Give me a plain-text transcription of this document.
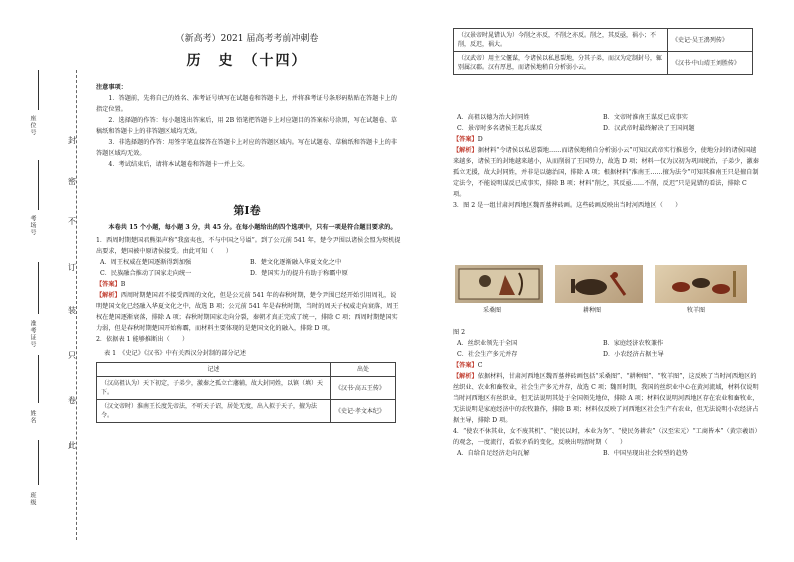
封
密
不
订
装
只
卷
此
班级
姓名
准考证号
考场号
座位号
（新高考）2021 届高考考前冲刺卷
历　史　（十四）

注意事项：

1．答题前，先将自己的姓名、准考证号填写在试题卷和答题卡上，并将准考证号条形码粘贴在答题卡上的指定位置。

2．选择题的作答：每小题选出答案后，用 2B 铅笔把答题卡上对应题目的答案标号涂黑，写在试题卷、草稿纸和答题卡上的非答题区域均无效。

3．非选择题的作答：用签字笔直接答在答题卡上对应的答题区域内。写在试题卷、草稿纸和答题卡上的非答题区域均无效。

4．考试结束后，请将本试题卷和答题卡一并上交。

第Ⅰ卷

本卷共 15 个小题，每小题 3 分，共 45 分。在每小题给出的四个选项中，只有一项是符合题目要求的。

1．西周时期楚国君熊渠声称“我蛮夷也，不与中国之号谥”。到了公元前 541 年，楚令尹围以诸侯会盟为契机提出要求，楚国被中原诸侯接受。由此可知（　　）

A．周王权威在楚国逐渐得到加强	B．楚文化逐渐融入华夏文化之中
C．民族融合推动了国家走向统一	D．楚国实力的提升有助于称霸中原

【答案】B

【解析】西周时期楚国君不接受西周的文化，但是公元前 541 年的春秋时期，楚令尹围已经开始引用周礼，说明楚国文化已经融入华夏文化之中，故选 B 项；公元前 541 年是春秋时期，当时的周天子权威走向衰落，周王权在楚国逐渐衰落，排除 A 项；春秋时期国家走向分裂，秦朝才真正完成了统一，排除 C 项；西周时期楚国实力弱，但是春秋时期楚国开始称霸，而材料主要体现的是楚国文化的融入，排除 D 项。

2．依据表 1 能够推断出（　　）

表 1　《史记》《汉书》中有关西汉分封制的部分记述

记述	出处
（汉高祖认为）天下初定，子弟少，激秦之孤立亡藩辅，故大封同姓，以镇（填）天下。	《汉书·高五王传》
（汉文帝时）淮南王长度先帝法，不听天子诏，居处无度，出入拟于天子，擅为法令。	《史记·孝文本纪》
（汉景帝时晁错认为）今削之亦反，不削之亦反。削之，其反亟，祸小；不削，反迟，祸大。	《史记·吴王濞列传》
（汉武帝）用主父偃谋，令诸侯以私恩裂地，分其子弟，而汉为定制封号，辄别属汉郡。汉有厚恩，而诸侯地稍自分析弱小云。	《汉书·中山靖王刘胜传》
A．高祖以德为治大封同姓	B．文帝时淮南王谋反已成事实
C．景帝时多名诸侯王起兵谋反	D．汉武帝时最终解决了王国问题

【答案】D

【解析】据材料“令诸侯以私恩裂地……而诸侯地稍自分析弱小云”可知汉武帝实行推恩令，使地分封的诸侯国越来越多，诸侯王的封地越来越小，从而削弱了王国势力，故选 D 项；材料一仅为汉初为巩固统治，子弟少，激秦孤立无援，故大封同姓，并非是以德治国，排除 A 项；根据材料“淮南王……擅为法令”可知其淮南王只是擅自制定法令，不能说明谋反已成事实，排除 B 项；材料“削之，其反亟……不削，反迟”只是晁错的看法，排除 C 项。

3．图 2 是一组甘肃河西地区魏晋墓葬砖画。这些砖画反映出当时河西地区（　　）

采桑图	耕种图	牧羊图

图 2

A．丝织业领先于全国	B．家庭经济农牧兼作
C．社会生产多元并存	D．小农经济占据主导

【答案】C

【解析】依据材料，甘肃河西地区魏晋墓葬砖画包括“采桑图”、“耕种图”、“牧羊图”，这反映了当时河西地区的丝织业、农业和畜牧业，社会生产多元并存，故选 C 项；魏晋时期，我国的丝织业中心在黄河流域，材料仅说明当时河西地区有丝织业，但无法说明其处于全国领先地位，排除 A 项；材料仅说明河西地区存在农业和畜牧业，无法说明是家庭经济中的农牧兼作，排除 B 项；材料仅反映了河西地区社会生产有农业，但无法说明小农经济占据主导，排除 D 项。

4．“使农不休其业，女不废其机”、“使民以时，本业为务”、“使民务耕农”（汉至宋元）“工商皆本”（黄宗羲语）的观念，一度流行，看似矛盾的变化，反映出明清时期（　　）

A．自给自足经济走向瓦解	B．中国呈现出社会转型的趋势
